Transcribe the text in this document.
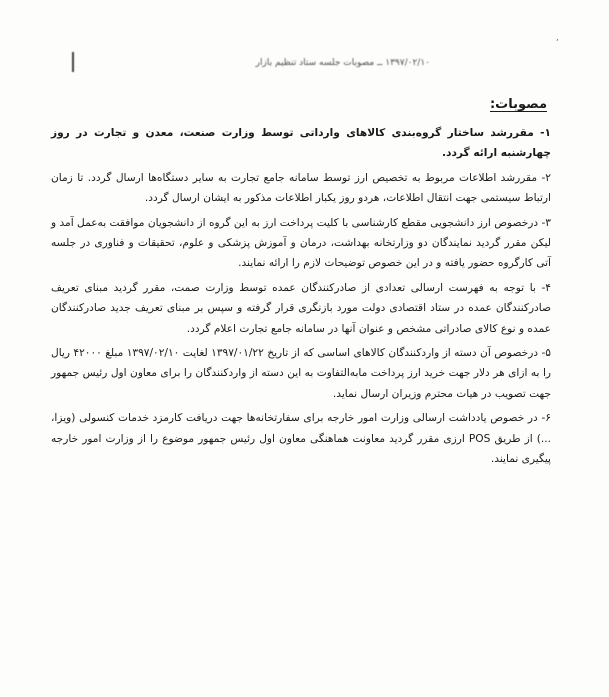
٬
۱۳۹۷/۰۲/۱۰ ــ مصوبات جلسه ستاد تنظیم بازار
مصوبات:

۱- مقررشد ساختار گروه‌بندی کالاهای وارداتی توسط وزارت صنعت، معدن و تجارت در روز چهارشنبه ارائه گردد.

۲- مقررشد اطلاعات مربوط به تخصیص ارز توسط سامانه جامع تجارت به سایر دستگاه‌ها ارسال گردد. تا زمان ارتباط سیستمی جهت انتقال اطلاعات، هردو روز یکبار اطلاعات مذکور به ایشان ارسال گردد.

۳- درخصوص ارز دانشجویی مقطع کارشناسی با کلیت پرداخت ارز به این گروه از دانشجویان موافقت به‌عمل آمد و لیکن مقرر گردید نمایندگان دو وزارتخانه بهداشت، درمان و آموزش پزشکی و علوم، تحقیقات و فناوری در جلسه آتی کارگروه حضور یافته و در این خصوص توضیحات لازم را ارائه نمایند.

۴- با توجه به فهرست ارسالی تعدادی از صادرکنندگان عمده توسط وزارت صمت، مقرر گردید مبنای تعریف صادرکنندگان عمده در ستاد اقتصادی دولت مورد بازنگری قرار گرفته و سپس بر مبنای تعریف جدید صادرکنندگان عمده و نوع کالای صادراتی مشخص و عنوان آنها در سامانه جامع تجارت اعلام گردد.

۵- درخصوص آن دسته از واردکنندگان کالاهای اساسی که از تاریخ ۱۳۹۷/۰۱/۲۲ لغایت ۱۳۹۷/۰۲/۱۰ مبلغ ۴۲۰۰۰ ریال را به ازای هر دلار جهت خرید ارز پرداخت مابه‌التفاوت به این دسته از واردکنندگان را برای معاون اول رئیس جمهور جهت تصویب در هیات محترم وزیران ارسال نماید.

۶- در خصوص یادداشت ارسالی وزارت امور خارجه برای سفارتخانه‌ها جهت دریافت کارمزد خدمات کنسولی (ویزا، ...) از طریق POS ارزی مقرر گردید معاونت هماهنگی معاون اول رئیس جمهور موضوع را از وزارت امور خارجه پیگیری نمایند.
